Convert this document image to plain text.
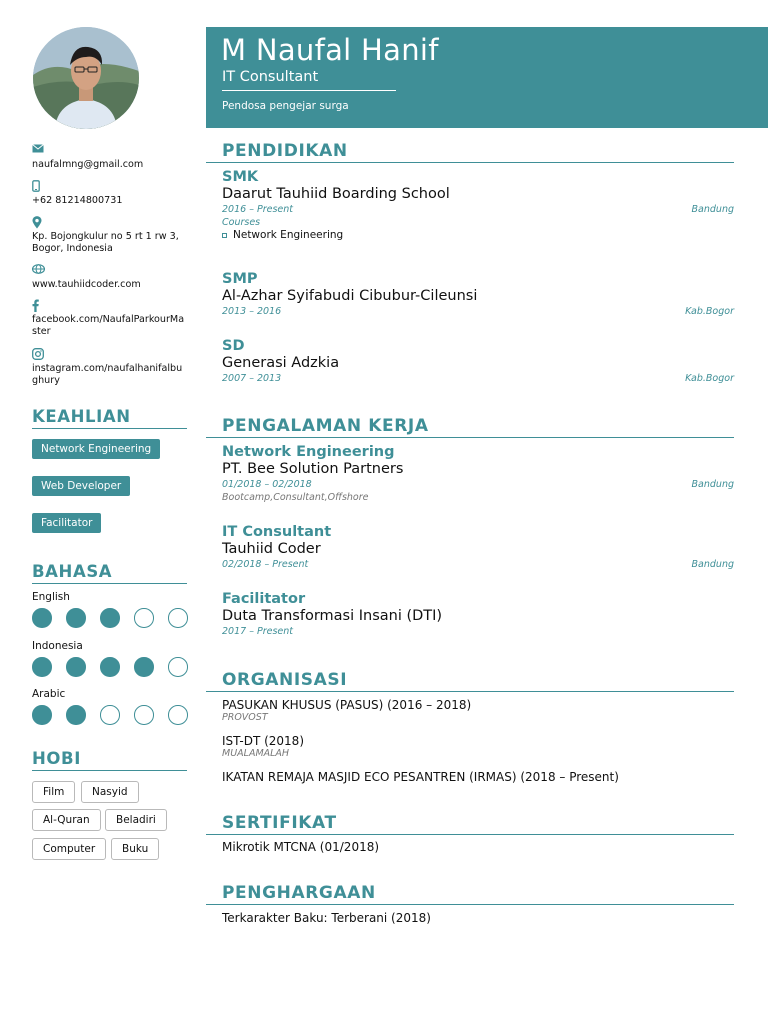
naufalmng@gmail.com
+62 81214800731
Kp. Bojongkulur no 5 rt 1 rw 3, Bogor, Indonesia
www.tauhiidcoder.com
facebook.com/NaufalParkourMaster
instagram.com/naufalhanifalbughury
KEAHLIAN
Network Engineering
Web Developer
Facilitator
BAHASA
English
Indonesia
Arabic
HOBI
Film	Nasyid
Al-Quran	Beladiri
Computer	Buku
M Naufal Hanif
IT Consultant
Pendosa pengejar surga
PENDIDIKAN
SMK
Daarut Tauhiid Boarding School
2016 – Present	Bandung
Courses
Network Engineering
SMP
Al-Azhar Syifabudi Cibubur-Cileunsi
2013 – 2016	Kab.Bogor
SD
Generasi Adzkia
2007 – 2013	Kab.Bogor
PENGALAMAN KERJA
Network Engineering
PT. Bee Solution Partners
01/2018 – 02/2018	Bandung
Bootcamp,Consultant,Offshore
IT Consultant
Tauhiid Coder
02/2018 – Present	Bandung
Facilitator
Duta Transformasi Insani (DTI)
2017 – Present
ORGANISASI
PASUKAN KHUSUS (PASUS) (2016 – 2018)
PROVOST
IST-DT (2018)
MUALAMALAH
IKATAN REMAJA MASJID ECO PESANTREN (IRMAS) (2018 – Present)
SERTIFIKAT
Mikrotik MTCNA (01/2018)
PENGHARGAAN
Terkarakter Baku: Terberani (2018)
